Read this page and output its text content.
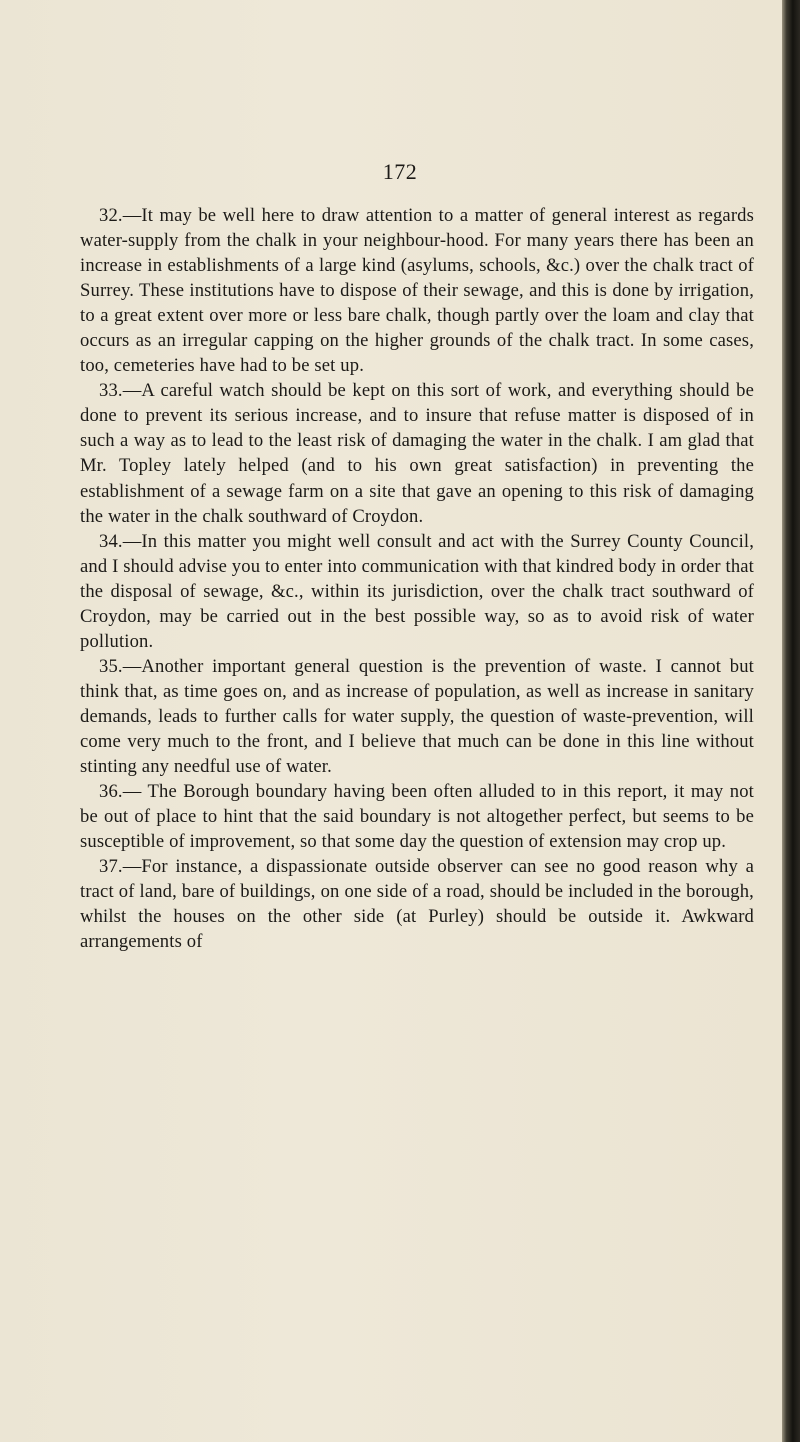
172

32.—It may be well here to draw attention to a matter of general interest as regards water-supply from the chalk in your neighbour-hood. For many years there has been an increase in establishments of a large kind (asylums, schools, &c.) over the chalk tract of Surrey. These institutions have to dispose of their sewage, and this is done by irrigation, to a great extent over more or less bare chalk, though partly over the loam and clay that occurs as an irregular capping on the higher grounds of the chalk tract. In some cases, too, cemeteries have had to be set up.

33.—A careful watch should be kept on this sort of work, and everything should be done to prevent its serious increase, and to insure that refuse matter is disposed of in such a way as to lead to the least risk of damaging the water in the chalk. I am glad that Mr. Topley lately helped (and to his own great satisfaction) in preventing the establishment of a sewage farm on a site that gave an opening to this risk of damaging the water in the chalk southward of Croydon.

34.—In this matter you might well consult and act with the Surrey County Council, and I should advise you to enter into communication with that kindred body in order that the disposal of sewage, &c., within its jurisdiction, over the chalk tract southward of Croydon, may be carried out in the best possible way, so as to avoid risk of water pollution.

35.—Another important general question is the prevention of waste. I cannot but think that, as time goes on, and as increase of population, as well as increase in sanitary demands, leads to further calls for water supply, the question of waste-prevention, will come very much to the front, and I believe that much can be done in this line without stinting any needful use of water.

36.— The Borough boundary having been often alluded to in this report, it may not be out of place to hint that the said boundary is not altogether perfect, but seems to be susceptible of improvement, so that some day the question of extension may crop up.

37.—For instance, a dispassionate outside observer can see no good reason why a tract of land, bare of buildings, on one side of a road, should be included in the borough, whilst the houses on the other side (at Purley) should be outside it. Awkward arrangements of
